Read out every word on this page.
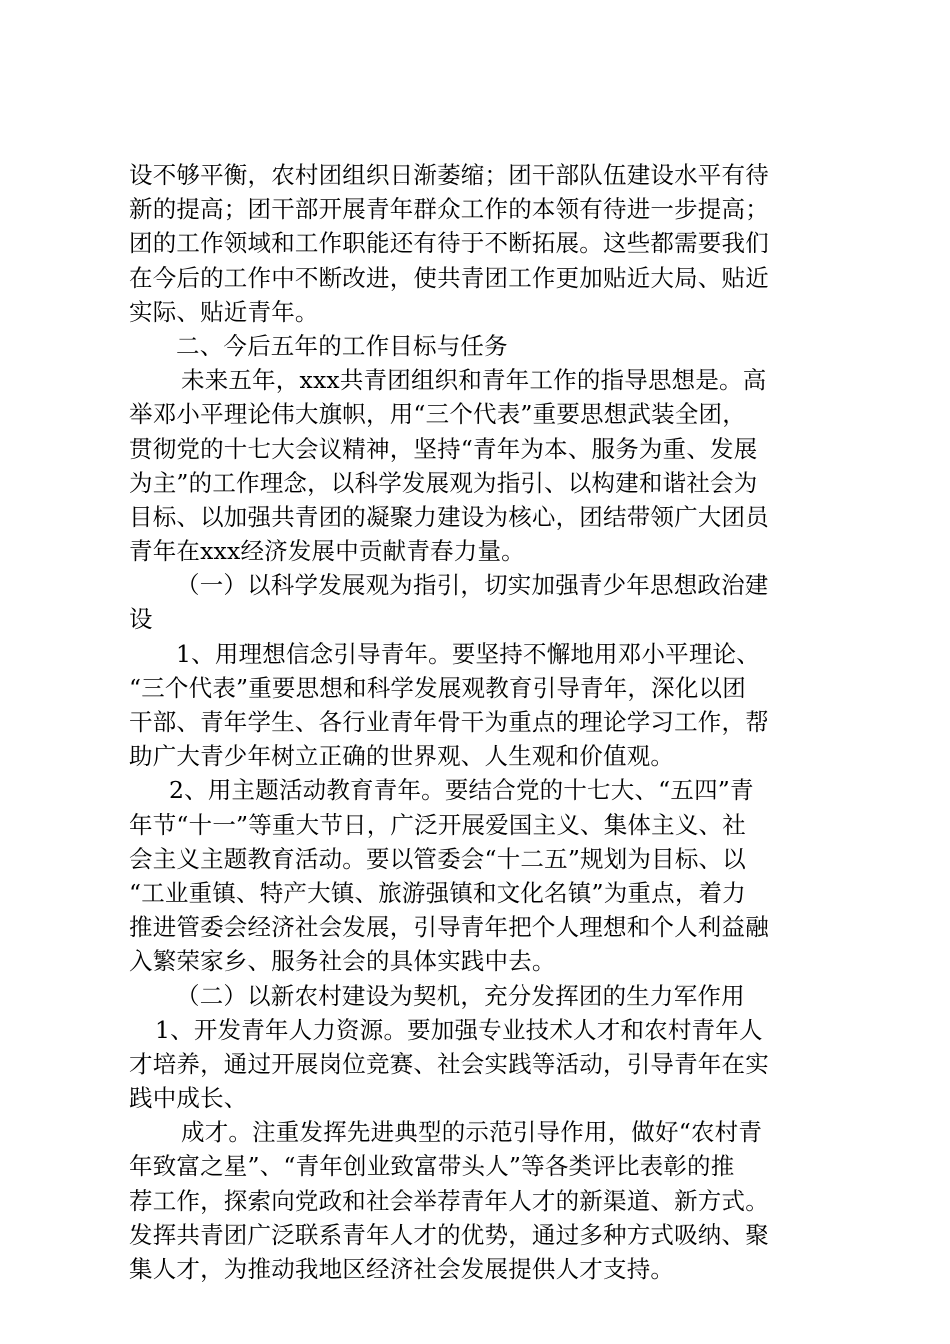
设不够平衡，农村团组织日渐萎缩；团干部队伍建设水平有待
新的提高；团干部开展青年群众工作的本领有待进一步提高；
团的工作领域和工作职能还有待于不断拓展。这些都需要我们
在今后的工作中不断改进，使共青团工作更加贴近大局、贴近
实际、贴近青年。
二、今后五年的工作目标与任务
未来五年，xxx共青团组织和青年工作的指导思想是。高
举邓小平理论伟大旗帜，用“三个代表”重要思想武装全团，
贯彻党的十七大会议精神，坚持“青年为本、服务为重、发展
为主”的工作理念，以科学发展观为指引、以构建和谐社会为
目标、以加强共青团的凝聚力建设为核心，团结带领广大团员
青年在xxx经济发展中贡献青春力量。
（一）以科学发展观为指引，切实加强青少年思想政治建
设
1、用理想信念引导青年。要坚持不懈地用邓小平理论、
“三个代表”重要思想和科学发展观教育引导青年，深化以团
干部、青年学生、各行业青年骨干为重点的理论学习工作，帮
助广大青少年树立正确的世界观、人生观和价值观。
2、用主题活动教育青年。要结合党的十七大、“五四”青
年节“十一”等重大节日，广泛开展爱国主义、集体主义、社
会主义主题教育活动。要以管委会“十二五”规划为目标、以
“工业重镇、特产大镇、旅游强镇和文化名镇”为重点，着力
推进管委会经济社会发展，引导青年把个人理想和个人利益融
入繁荣家乡、服务社会的具体实践中去。
（二）以新农村建设为契机，充分发挥团的生力军作用
1、开发青年人力资源。要加强专业技术人才和农村青年人
才培养，通过开展岗位竞赛、社会实践等活动，引导青年在实
践中成长、
成才。注重发挥先进典型的示范引导作用，做好“农村青
年致富之星”、“青年创业致富带头人”等各类评比表彰的推
荐工作，探索向党政和社会举荐青年人才的新渠道、新方式。
发挥共青团广泛联系青年人才的优势，通过多种方式吸纳、聚
集人才，为推动我地区经济社会发展提供人才支持。
